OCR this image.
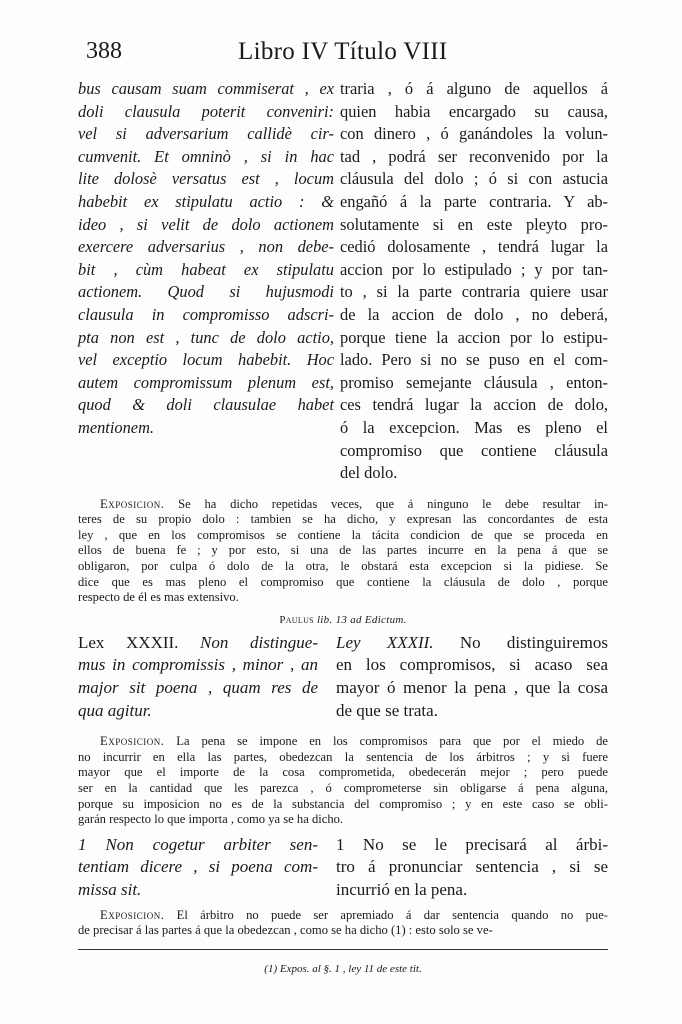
388	Libro IV Título VIII
bus causam suam commiserat , ex
doli clausula poterit conveniri:
vel si adversarium callidè cir-
cumvenit. Et omninò , si in hac
lite dolosè versatus est , locum
habebit ex stipulatu actio : &
ideo , si velit de dolo actionem
exercere adversarius , non debe-
bit , cùm habeat ex stipulatu
actionem. Quod si hujusmodi
clausula in compromisso adscri-
pta non est , tunc de dolo actio,
vel exceptio locum habebit. Hoc
autem compromissum plenum est,
quod & doli clausulae habet
mentionem.
traria , ó á alguno de aquellos á
quien habia encargado su causa,
con dinero , ó ganándoles la volun-
tad , podrá ser reconvenido por la
cláusula del dolo ; ó si con astucia
engañó á la parte contraria. Y ab-
solutamente si en este pleyto pro-
cedió dolosamente , tendrá lugar la
accion por lo estipulado ; y por tan-
to , si la parte contraria quiere usar
de la accion de dolo , no deberá,
porque tiene la accion por lo estipu-
lado. Pero si no se puso en el com-
promiso semejante cláusula , enton-
ces tendrá lugar la accion de dolo,
ó la excepcion. Mas es pleno el
compromiso que contiene cláusula
del dolo.
Exposicion. Se ha dicho repetidas veces, que á ninguno le debe resultar in-
teres de su propio dolo : tambien se ha dicho, y expresan las concordantes de esta
ley , que en los compromisos se contiene la tácita condicion de que se proceda en
ellos de buena fe ; y por esto, si una de las partes incurre en la pena á que se
obligaron, por culpa ó dolo de la otra, le obstará esta excepcion si la pidiese. Se
dice que es mas pleno el compromiso que contiene la cláusula de dolo , porque
respecto de él es mas extensivo.
Paulus lib. 13 ad Edictum.
Lex XXXII. Non distingue-
mus in compromissis , minor , an
major sit poena , quam res de
qua agitur.
Ley XXXII. No distinguiremos
en los compromisos, si acaso sea
mayor ó menor la pena , que la cosa
de que se trata.
Exposicion. La pena se impone en los compromisos para que por el miedo de
no incurrir en ella las partes, obedezcan la sentencia de los árbitros ; y si fuere
mayor que el importe de la cosa comprometida, obedecerán mejor ; pero puede
ser en la cantidad que les parezca , ó comprometerse sin obligarse á pena alguna,
porque su imposicion no es de la substancia del compromiso ; y en este caso se obli-
garán respecto lo que importa , como ya se ha dicho.
1 Non cogetur arbiter sen-
tentiam dicere , si poena com-
missa sit.
1 No se le precisará al árbi-
tro á pronunciar sentencia , si se
incurrió en la pena.
Exposicion. El árbitro no puede ser apremiado á dar sentencia quando no pue-
de precisar á las partes á que la obedezcan , como se ha dicho (1) : esto solo se ve-
(1) Expos. al §. 1 , ley 11 de este tit.
